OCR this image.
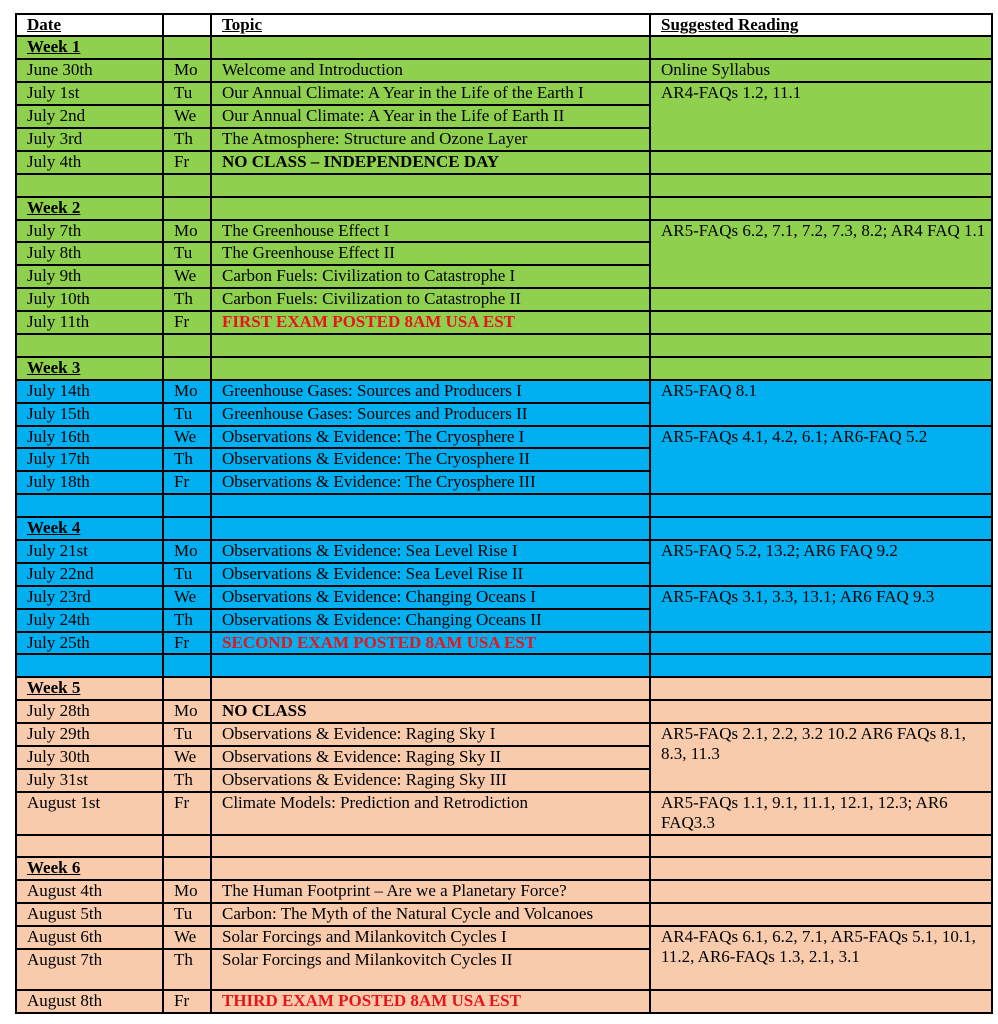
Date		Topic	Suggested Reading
Week 1			
June 30th	Mo	Welcome and Introduction	Online Syllabus
July 1st	Tu	Our Annual Climate: A Year in the Life of the Earth I	AR4-FAQs 1.2, 11.1
July 2nd	We	Our Annual Climate: A Year in the Life of Earth II	
July 3rd	Th	The Atmosphere: Structure and Ozone Layer	
July 4th	Fr	NO CLASS – INDEPENDENCE DAY	

Week 2			
July 7th	Mo	The Greenhouse Effect I	AR5-FAQs 6.2, 7.1, 7.2, 7.3, 8.2; AR4 FAQ 1.1
July 8th	Tu	The Greenhouse Effect II	
July 9th	We	Carbon Fuels: Civilization to Catastrophe I	
July 10th	Th	Carbon Fuels: Civilization to Catastrophe II	
July 11th	Fr	FIRST EXAM POSTED 8AM USA EST	

Week 3			
July 14th	Mo	Greenhouse Gases: Sources and Producers I	AR5-FAQ 8.1
July 15th	Tu	Greenhouse Gases: Sources and Producers II	
July 16th	We	Observations & Evidence: The Cryosphere I	AR5-FAQs 4.1, 4.2, 6.1; AR6-FAQ 5.2
July 17th	Th	Observations & Evidence: The Cryosphere II	
July 18th	Fr	Observations & Evidence: The Cryosphere III	

Week 4			
July 21st	Mo	Observations & Evidence: Sea Level Rise I	AR5-FAQ 5.2, 13.2; AR6 FAQ 9.2
July 22nd	Tu	Observations & Evidence: Sea Level Rise II	
July 23rd	We	Observations & Evidence: Changing Oceans I	AR5-FAQs 3.1, 3.3, 13.1; AR6 FAQ 9.3
July 24th	Th	Observations & Evidence: Changing Oceans II	
July 25th	Fr	SECOND EXAM POSTED 8AM USA EST	

Week 5			
July 28th	Mo	NO CLASS	
July 29th	Tu	Observations & Evidence: Raging Sky I	AR5-FAQs 2.1, 2.2, 3.2 10.2 AR6 FAQs 8.1, 8.3, 11.3
July 30th	We	Observations & Evidence: Raging Sky II	
July 31st	Th	Observations & Evidence: Raging Sky III	
August 1st	Fr	Climate Models: Prediction and Retrodiction	AR5-FAQs 1.1, 9.1, 11.1, 12.1, 12.3; AR6 FAQ3.3

Week 6			
August 4th	Mo	The Human Footprint – Are we a Planetary Force?	
August 5th	Tu	Carbon: The Myth of the Natural Cycle and Volcanoes	
August 6th	We	Solar Forcings and Milankovitch Cycles I	AR4-FAQs 6.1, 6.2, 7.1, AR5-FAQs 5.1, 10.1, 11.2, AR6-FAQs 1.3, 2.1, 3.1
August 7th	Th	Solar Forcings and Milankovitch Cycles II	
August 8th	Fr	THIRD EXAM POSTED 8AM USA EST	
